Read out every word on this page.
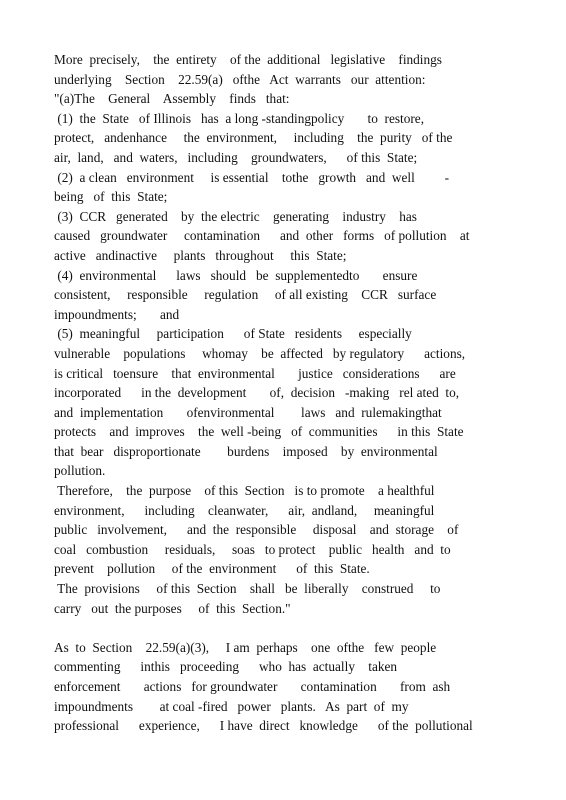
More  precisely,    the  entirety    of the  additional   legislative    findings
underlying    Section    22.59(a)   ofthe   Act  warrants   our  attention:
"(a)The    General    Assembly    finds   that:
(1)  the  State   of Illinois   has  a long -standingpolicy       to  restore,
protect,   andenhance     the  environment,     including    the  purity   of the
air,  land,   and  waters,   including    groundwaters,      of this  State;
(2)  a clean   environment     is essential    tothe   growth   and  well         -
being   of  this  State;
(3)  CCR   generated    by  the electric    generating    industry    has
caused   groundwater     contamination      and  other   forms   of pollution    at
active   andinactive     plants   throughout     this  State;
(4)  environmental      laws   should   be  supplementedto       ensure
consistent,     responsible     regulation     of all existing    CCR   surface
impoundments;       and
(5)  meaningful     participation      of State   residents     especially
vulnerable    populations     whomay    be  affected   by regulatory      actions,
is critical   toensure    that  environmental       justice   considerations      are
incorporated      in the  development       of,  decision   -making   rel ated  to,
and  implementation       ofenvironmental        laws   and  rulemakingthat
protects    and  improves    the  well -being   of  communities      in this  State
that  bear   disproportionate        burdens    imposed    by  environmental
pollution.
Therefore,    the  purpose    of this  Section   is to promote    a healthful
environment,      including    cleanwater,      air,  andland,     meaningful
public   involvement,      and  the  responsible     disposal    and  storage    of
coal   combustion     residuals,     soas   to protect    public   health   and  to
prevent    pollution     of the  environment      of  this  State.
The  provisions     of this  Section    shall   be  liberally    construed     to
carry   out  the purposes     of  this  Section."
As  to  Section    22.59(a)(3),     I am  perhaps    one  ofthe   few  people
commenting      inthis   proceeding      who  has  actually    taken
enforcement       actions   for groundwater       contamination       from  ash
impoundments        at coal -fired   power   plants.   As  part  of  my
professional      experience,      I have  direct   knowledge      of the  pollutional
